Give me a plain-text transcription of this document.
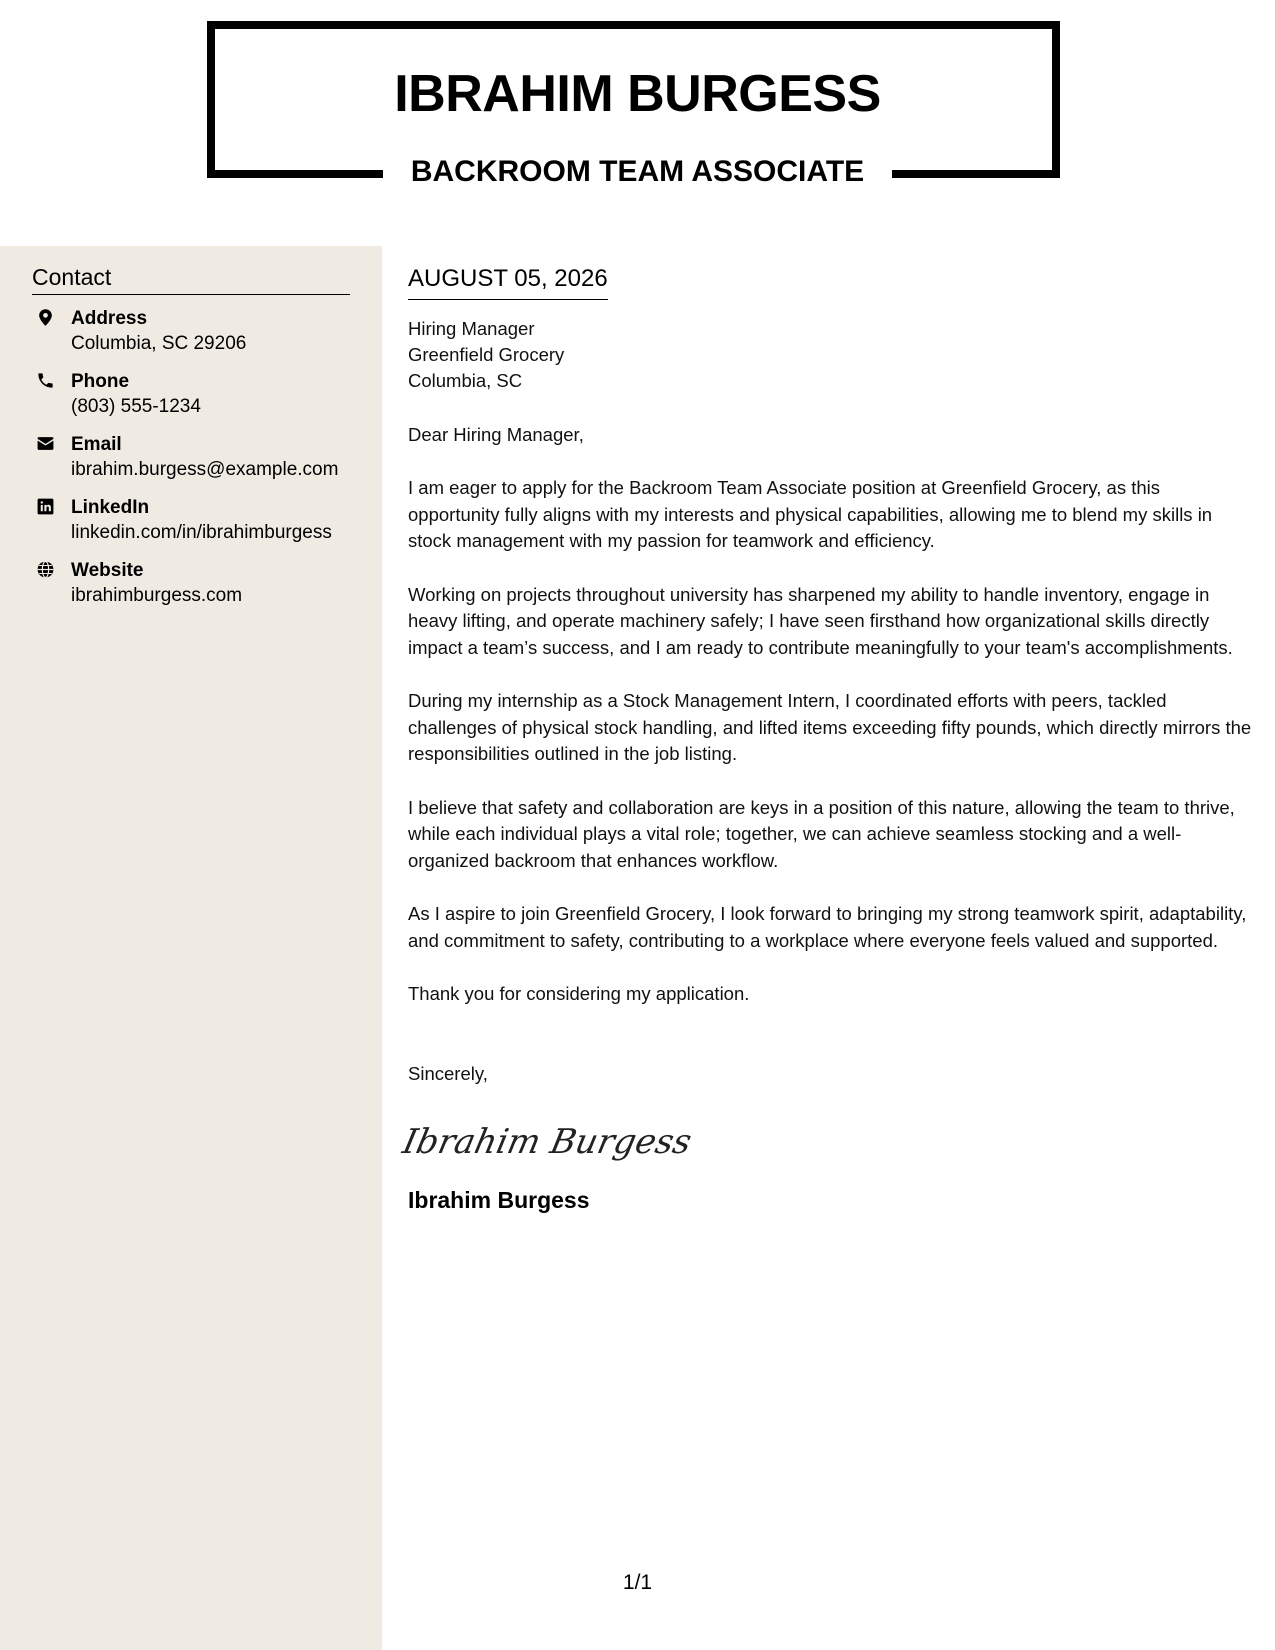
IBRAHIM BURGESS
BACKROOM TEAM ASSOCIATE
Contact
Address
Columbia, SC 29206
Phone
(803) 555-1234
Email
ibrahim.burgess@example.com
LinkedIn
linkedin.com/in/ibrahimburgess
Website
ibrahimburgess.com
AUGUST 05, 2026
Hiring Manager
Greenfield Grocery
Columbia, SC
Dear Hiring Manager,

I am eager to apply for the Backroom Team Associate position at Greenfield Grocery, as this opportunity fully aligns with my interests and physical capabilities, allowing me to blend my skills in stock management with my passion for teamwork and efficiency.

Working on projects throughout university has sharpened my ability to handle inventory, engage in heavy lifting, and operate machinery safely; I have seen firsthand how organizational skills directly impact a team’s success, and I am ready to contribute meaningfully to your team's accomplishments.

During my internship as a Stock Management Intern, I coordinated efforts with peers, tackled challenges of physical stock handling, and lifted items exceeding fifty pounds, which directly mirrors the responsibilities outlined in the job listing.

I believe that safety and collaboration are keys in a position of this nature, allowing the team to thrive, while each individual plays a vital role; together, we can achieve seamless stocking and a well-organized backroom that enhances workflow.

As I aspire to join Greenfield Grocery, I look forward to bringing my strong teamwork spirit, adaptability, and commitment to safety, contributing to a workplace where everyone feels valued and supported.

Thank you for considering my application.

Sincerely,
Ibrahim Burgess
Ibrahim Burgess
1/1
